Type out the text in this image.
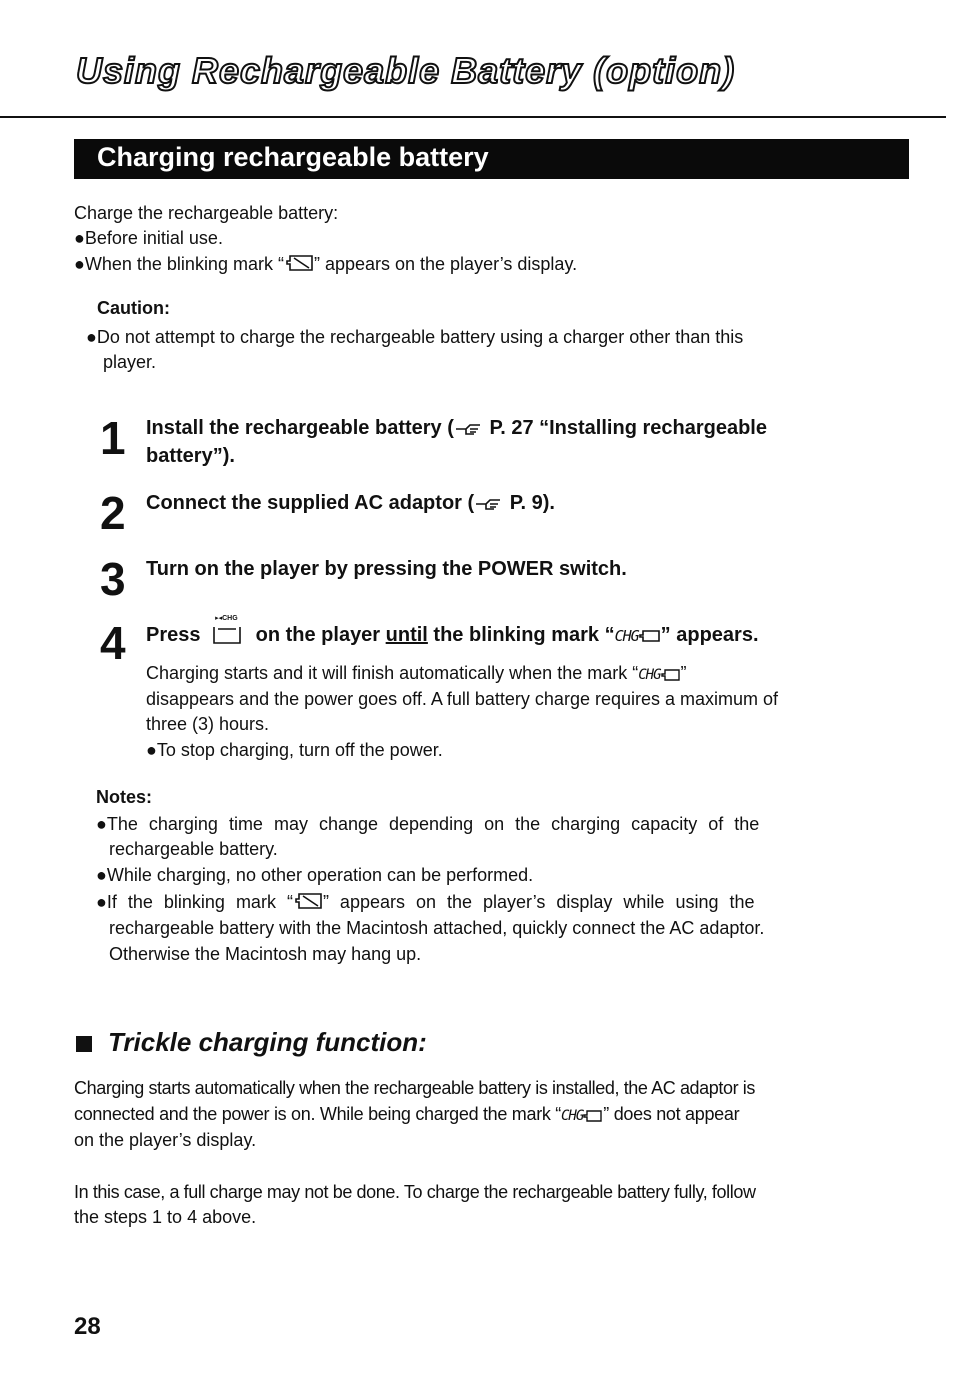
Using Rechargeable Battery (option)
Charging rechargeable battery
Charge the rechargeable battery:
●Before initial use.
●When the blinking mark “ ” appears on the player’s display.
Caution:
●Do not attempt to charge the rechargeable battery using a charger other than this
player.
1 Install the rechargeable battery ( P. 27 “Installing rechargeable
battery”).
2 Connect the supplied AC adaptor ( P. 9).
3 Turn on the player by pressing the POWER switch.
4 Press
▸◂CHG
on the player until the blinking mark “CHG ” appears.
Charging starts and it will finish automatically when the mark “CHG ”
disappears and the power goes off. A full battery charge requires a maximum of
three (3) hours.
●To stop charging, turn off the power.
Notes:
●The charging time may change depending on the charging capacity of the
rechargeable battery.
●While charging, no other operation can be performed.
●If the blinking mark “ ” appears on the player’s display while using the
rechargeable battery with the Macintosh attached, quickly connect the AC adaptor.
Otherwise the Macintosh may hang up.
Trickle charging function:
Charging starts automatically when the rechargeable battery is installed, the AC adaptor is
connected and the power is on. While being charged the mark “CHG ” does not appear
on the player’s display.
In this case, a full charge may not be done. To charge the rechargeable battery fully, follow
the steps 1 to 4 above.
28
